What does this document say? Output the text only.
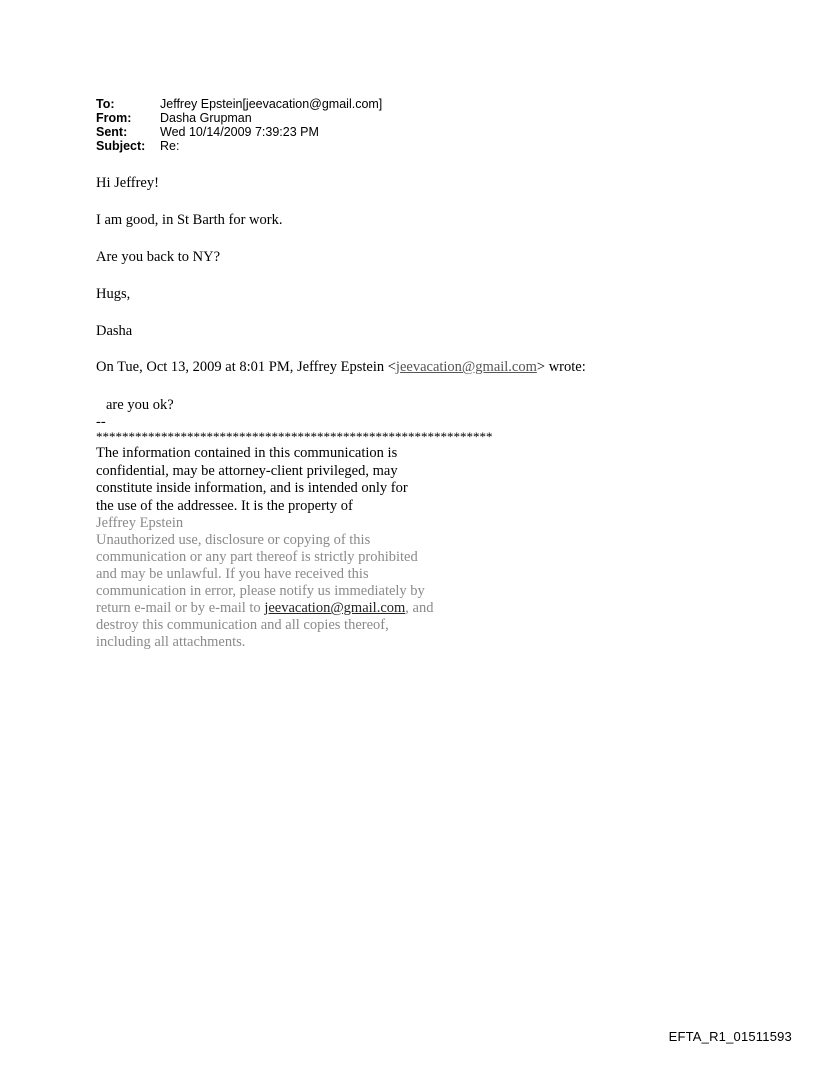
To:	Jeffrey Epstein[jeevacation@gmail.com]
From:	Dasha Grupman
Sent:	Wed 10/14/2009 7:39:23 PM
Subject:	Re:
Hi Jeffrey!
I am good, in St Barth for work.
Are you back to NY?
Hugs,
Dasha
On Tue, Oct 13, 2009 at 8:01 PM, Jeffrey Epstein <jeevacation@gmail.com> wrote:
are you ok?
--
*************************************************************
The information contained in this communication is
confidential, may be attorney-client privileged, may
constitute inside information, and is intended only for
the use of the addressee. It is the property of
Jeffrey Epstein
Unauthorized use, disclosure or copying of this
communication or any part thereof is strictly prohibited
and may be unlawful. If you have received this
communication in error, please notify us immediately by
return e-mail or by e-mail to jeevacation@gmail.com, and
destroy this communication and all copies thereof,
including all attachments.
EFTA_R1_01511593
